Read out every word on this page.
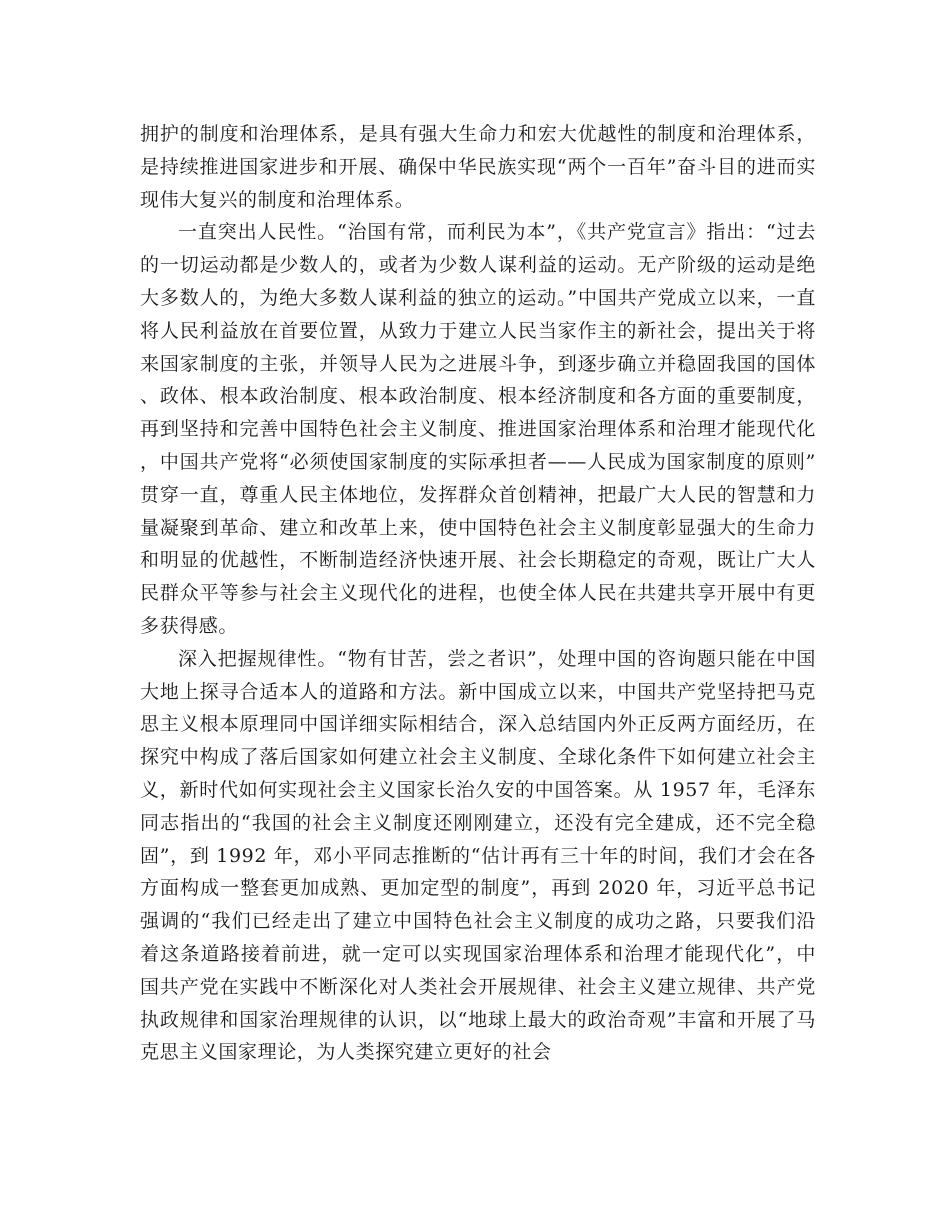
拥护的制度和治理体系，是具有强大生命力和宏大优越性的制度和治理体系，是持续推进国家进步和开展、确保中华民族实现“两个一百年”奋斗目的进而实现伟大复兴的制度和治理体系。

一直突出人民性。“治国有常，而利民为本”，《共产党宣言》指出：“过去的一切运动都是少数人的，或者为少数人谋利益的运动。无产阶级的运动是绝大多数人的，为绝大多数人谋利益的独立的运动。”中国共产党成立以来，一直将人民利益放在首要位置，从致力于建立人民当家作主的新社会，提出关于将来国家制度的主张，并领导人民为之进展斗争，到逐步确立并稳固我国的国体、政体、根本政治制度、根本政治制度、根本经济制度和各方面的重要制度，再到坚持和完善中国特色社会主义制度、推进国家治理体系和治理才能现代化，中国共产党将“必须使国家制度的实际承担者——人民成为国家制度的原则”贯穿一直，尊重人民主体地位，发挥群众首创精神，把最广大人民的智慧和力量凝聚到革命、建立和改革上来，使中国特色社会主义制度彰显强大的生命力和明显的优越性，不断制造经济快速开展、社会长期稳定的奇观，既让广大人民群众平等参与社会主义现代化的进程，也使全体人民在共建共享开展中有更多获得感。

深入把握规律性。“物有甘苦，尝之者识”，处理中国的咨询题只能在中国大地上探寻合适本人的道路和方法。新中国成立以来，中国共产党坚持把马克思主义根本原理同中国详细实际相结合，深入总结国内外正反两方面经历，在探究中构成了落后国家如何建立社会主义制度、全球化条件下如何建立社会主义，新时代如何实现社会主义国家长治久安的中国答案。从 1957 年，毛泽东同志指出的“我国的社会主义制度还刚刚建立，还没有完全建成，还不完全稳固”，到 1992 年，邓小平同志推断的“估计再有三十年的时间，我们才会在各方面构成一整套更加成熟、更加定型的制度”，再到 2020 年，习近平总书记强调的“我们已经走出了建立中国特色社会主义制度的成功之路，只要我们沿着这条道路接着前进，就一定可以实现国家治理体系和治理才能现代化”，中国共产党在实践中不断深化对人类社会开展规律、社会主义建立规律、共产党执政规律和国家治理规律的认识，以“地球上最大的政治奇观”丰富和开展了马克思主义国家理论，为人类探究建立更好的社会
